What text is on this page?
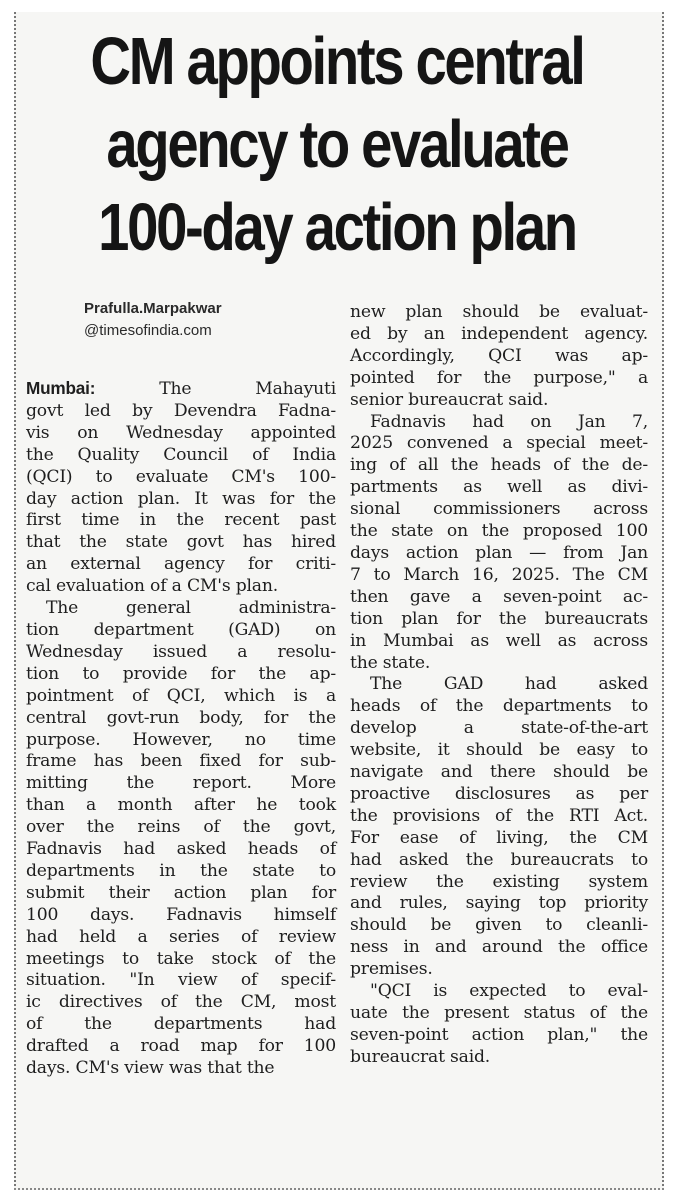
CM appoints central
agency to evaluate
100-day action plan
Prafulla.Marpakwar
@timesofindia.com
Mumbai: The Mahayuti
govt led by Devendra Fadna-
vis on Wednesday appointed
the Quality Council of India
(QCI) to evaluate CM's 100-
day action plan. It was for the
first time in the recent past
that the state govt has hired
an external agency for criti-
cal evaluation of a CM's plan.
The general administra-
tion department (GAD) on
Wednesday issued a resolu-
tion to provide for the ap-
pointment of QCI, which is a
central govt-run body, for the
purpose. However, no time
frame has been fixed for sub-
mitting the report. More
than a month after he took
over the reins of the govt,
Fadnavis had asked heads of
departments in the state to
submit their action plan for
100 days. Fadnavis himself
had held a series of review
meetings to take stock of the
situation. "In view of specif-
ic directives of the CM, most
of the departments had
drafted a road map for 100
days. CM's view was that the
new plan should be evaluat-
ed by an independent agency.
Accordingly, QCI was ap-
pointed for the purpose," a
senior bureaucrat said.
Fadnavis had on Jan 7,
2025 convened a special meet-
ing of all the heads of the de-
partments as well as divi-
sional commissioners across
the state on the proposed 100
days action plan — from Jan
7 to March 16, 2025. The CM
then gave a seven-point ac-
tion plan for the bureaucrats
in Mumbai as well as across
the state.
The GAD had asked
heads of the departments to
develop a state-of-the-art
website, it should be easy to
navigate and there should be
proactive disclosures as per
the provisions of the RTI Act.
For ease of living, the CM
had asked the bureaucrats to
review the existing system
and rules, saying top priority
should be given to cleanli-
ness in and around the office
premises.
"QCI is expected to eval-
uate the present status of the
seven-point action plan," the
bureaucrat said.
